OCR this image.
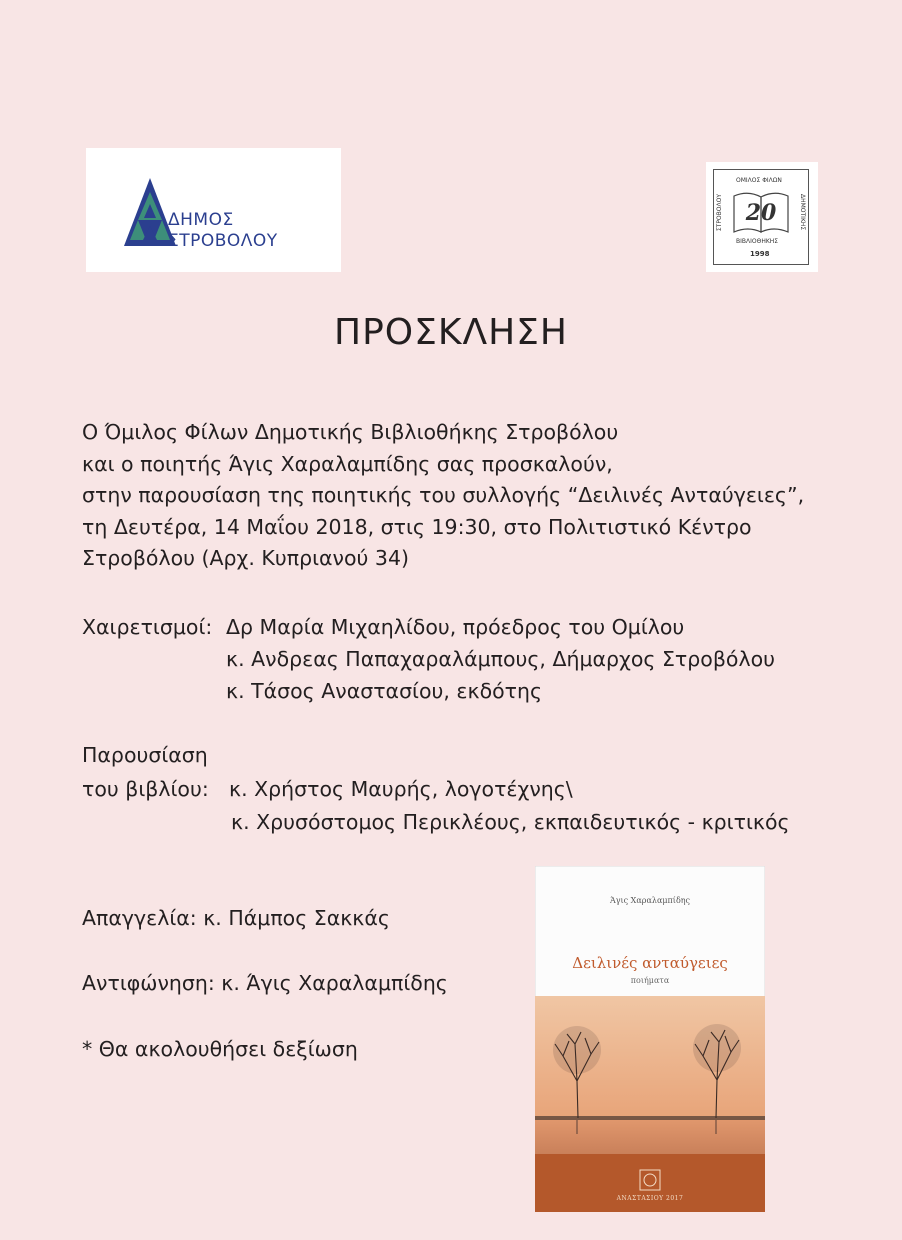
ΔΗΜΟΣ
ΣΤΡΟΒΟΛΟΥ
ΟΜΙΛΟΣ ΦΙΛΩΝ
ΣΤΡΟΒΟΛΟΥ	ΔΗΜΟΤΙΚΗΣ
20
ΒΙΒΛΙΟΘΗΚΗΣ
1998
ΠΡΟΣΚΛΗΣΗ
Ο Όμιλος Φίλων Δημοτικής Βιβλιοθήκης Στροβόλου
και ο ποιητής Άγις Χαραλαμπίδης σας προσκαλούν,
στην παρουσίαση της ποιητικής του συλλογής “Δειλινές Ανταύγειες”,
τη Δευτέρα, 14 Μαΐου 2018, στις 19:30, στο Πολιτιστικό Κέντρο
Στροβόλου (Αρχ. Κυπριανού 34)
Χαιρετισμοί: Δρ Μαρία Μιχαηλίδου, πρόεδρος του Ομίλου
κ. Ανδρεας Παπαχαραλάμπους, Δήμαρχος Στροβόλου
κ. Τάσος Αναστασίου, εκδότης
Παρουσίαση
του βιβλίου: κ. Χρήστος Μαυρής, λογοτέχνης\
κ. Χρυσόστομος Περικλέους, εκπαιδευτικός - κριτικός
Απαγγελία: κ. Πάμπος Σακκάς
Αντιφώνηση: κ. Άγις Χαραλαμπίδης
* Θα ακολουθήσει δεξίωση
Άγις Χαραλαμπίδης
Δειλινές ανταύγειες
ποιήματα
ΑΝΑΣΤΑΣΙΟΥ 2017
